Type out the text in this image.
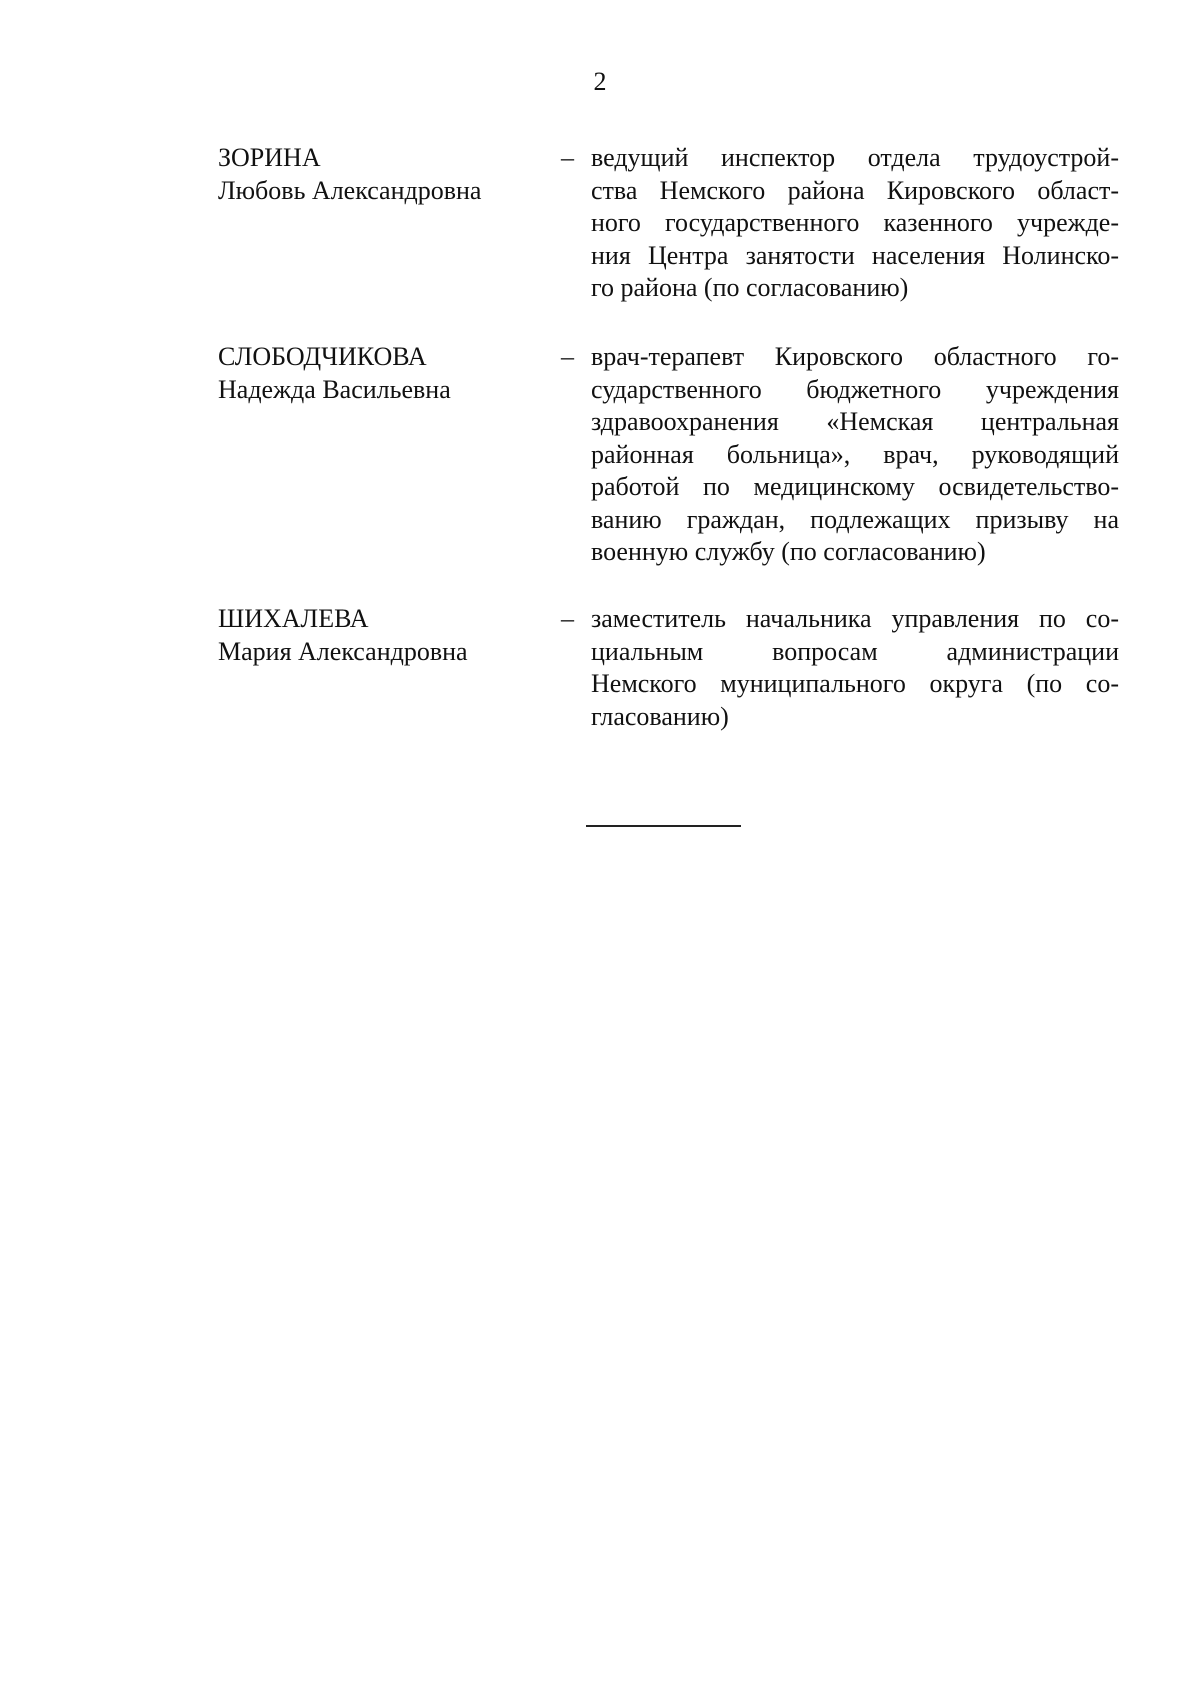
2
ЗОРИНА
Любовь Александровна
– ведущий инспектор отдела трудоустрой-
ства Немского района Кировского област-
ного государственного казенного учрежде-
ния Центра занятости населения Нолинско-
го района (по согласованию)
СЛОБОДЧИКОВА
Надежда Васильевна
– врач-терапевт Кировского областного го-
сударственного бюджетного учреждения
здравоохранения «Немская центральная
районная больница», врач, руководящий
работой по медицинскому освидетельство-
ванию граждан, подлежащих призыву на
военную службу (по согласованию)
ШИХАЛЕВА
Мария Александровна
– заместитель начальника управления по со-
циальным вопросам администрации
Немского муниципального округа (по со-
гласованию)
